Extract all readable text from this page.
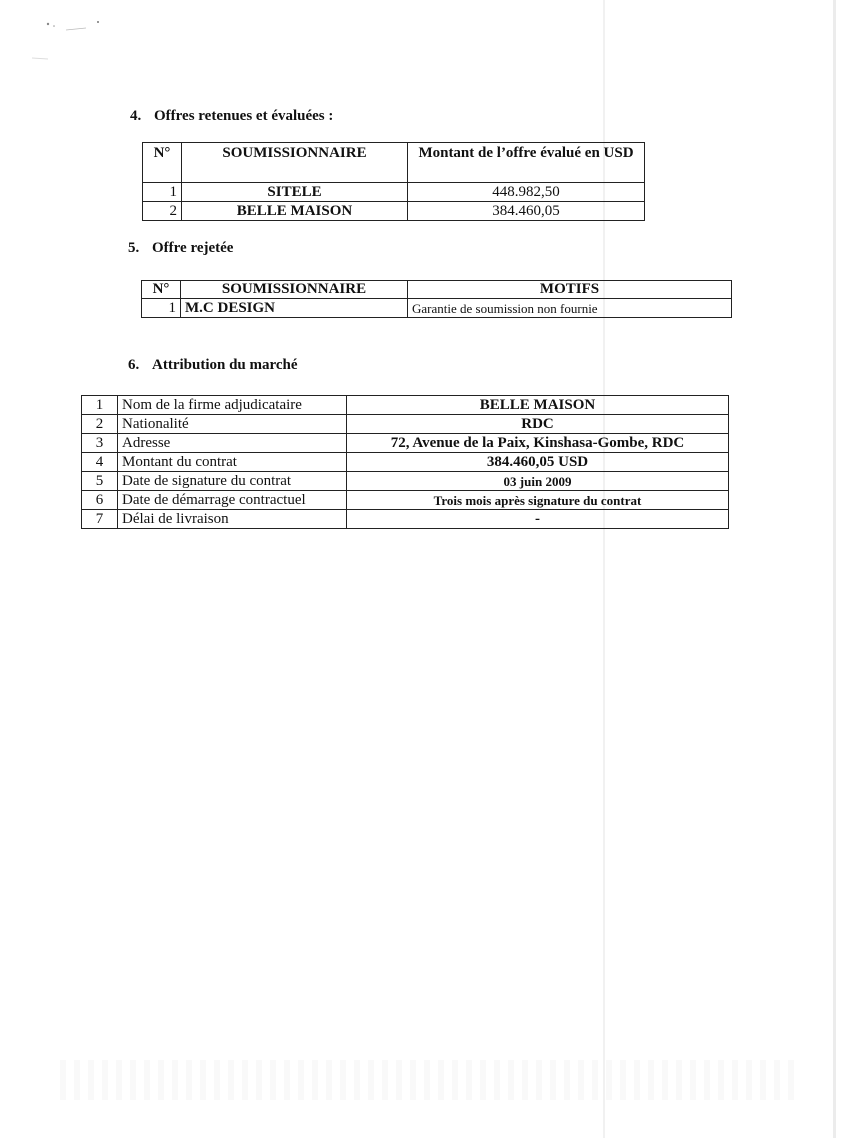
4. Offres retenues et évaluées :
N°	SOUMISSIONNAIRE	Montant de l’offre évalué en USD
1	SITELE	448.982,50
2	BELLE MAISON	384.460,05
5. Offre rejetée
N°	SOUMISSIONNAIRE	MOTIFS
1	M.C DESIGN	Garantie de soumission non fournie
6. Attribution du marché
1	Nom de la firme adjudicataire	BELLE MAISON
2	Nationalité	RDC
3	Adresse	72, Avenue de la Paix, Kinshasa-Gombe, RDC
4	Montant du contrat	384.460,05 USD
5	Date de signature du contrat	03 juin 2009
6	Date de démarrage contractuel	Trois mois après signature du contrat
7	Délai de livraison	-
